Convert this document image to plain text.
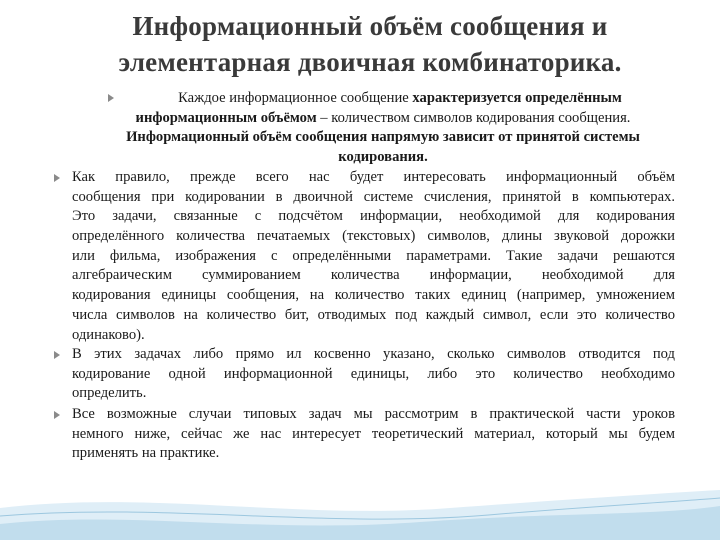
Информационный объём сообщения и
элементарная двоичная комбинаторика.
Каждое информационное сообщение характеризуется определённым
информационным объёмом – количеством символов кодирования сообщения.
Информационный объём сообщения напрямую зависит от принятой системы
кодирования.
Как правило, прежде всего нас будет интересовать информационный объём
сообщения при кодировании в двоичной системе счисления, принятой в компьютерах.
Это задачи, связанные с подсчётом информации, необходимой для кодирования
определённого количества печатаемых (текстовых) символов, длины звуковой дорожки
или фильма, изображения с определёнными параметрами. Такие задачи решаются
алгебраическим суммированием количества информации, необходимой для
кодирования единицы сообщения, на количество таких единиц (например, умножением
числа символов на количество бит, отводимых под каждый символ, если это количество
одинаково).
В этих задачах либо прямо ил косвенно указано, сколько символов отводится под
кодирование одной информационной единицы, либо это количество необходимо
определить.
Все возможные случаи типовых задач мы рассмотрим в практической части уроков
немного ниже, сейчас же нас интересует теоретический материал, который мы будем
применять на практике.
